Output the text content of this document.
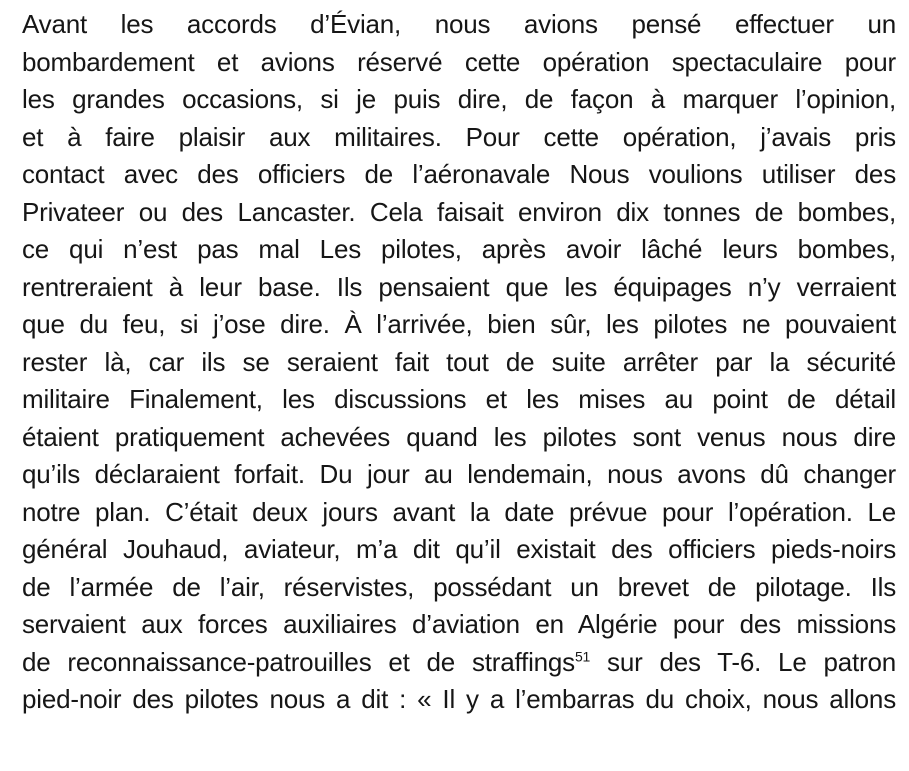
Avant les accords d’Évian, nous avions pensé effectuer un
bombardement et avions réservé cette opération spectaculaire pour
les grandes occasions, si je puis dire, de façon à marquer l’opinion,
et à faire plaisir aux militaires. Pour cette opération, j’avais pris
contact avec des officiers de l’aéronavale Nous voulions utiliser des
Privateer ou des Lancaster. Cela faisait environ dix tonnes de bombes,
ce qui n’est pas mal Les pilotes, après avoir lâché leurs bombes,
rentreraient à leur base. Ils pensaient que les équipages n’y verraient
que du feu, si j’ose dire. À l’arrivée, bien sûr, les pilotes ne pouvaient
rester là, car ils se seraient fait tout de suite arrêter par la sécurité
militaire Finalement, les discussions et les mises au point de détail
étaient pratiquement achevées quand les pilotes sont venus nous dire
qu’ils déclaraient forfait. Du jour au lendemain, nous avons dû changer
notre plan. C’était deux jours avant la date prévue pour l’opération. Le
général Jouhaud, aviateur, m’a dit qu’il existait des officiers pieds-noirs
de l’armée de l’air, réservistes, possédant un brevet de pilotage. Ils
servaient aux forces auxiliaires d’aviation en Algérie pour des missions
de reconnaissance-patrouilles et de straffings$^{51}$ sur des T-6. Le patron
pied-noir des pilotes nous a dit : « Il y a l’embarras du choix, nous allons
